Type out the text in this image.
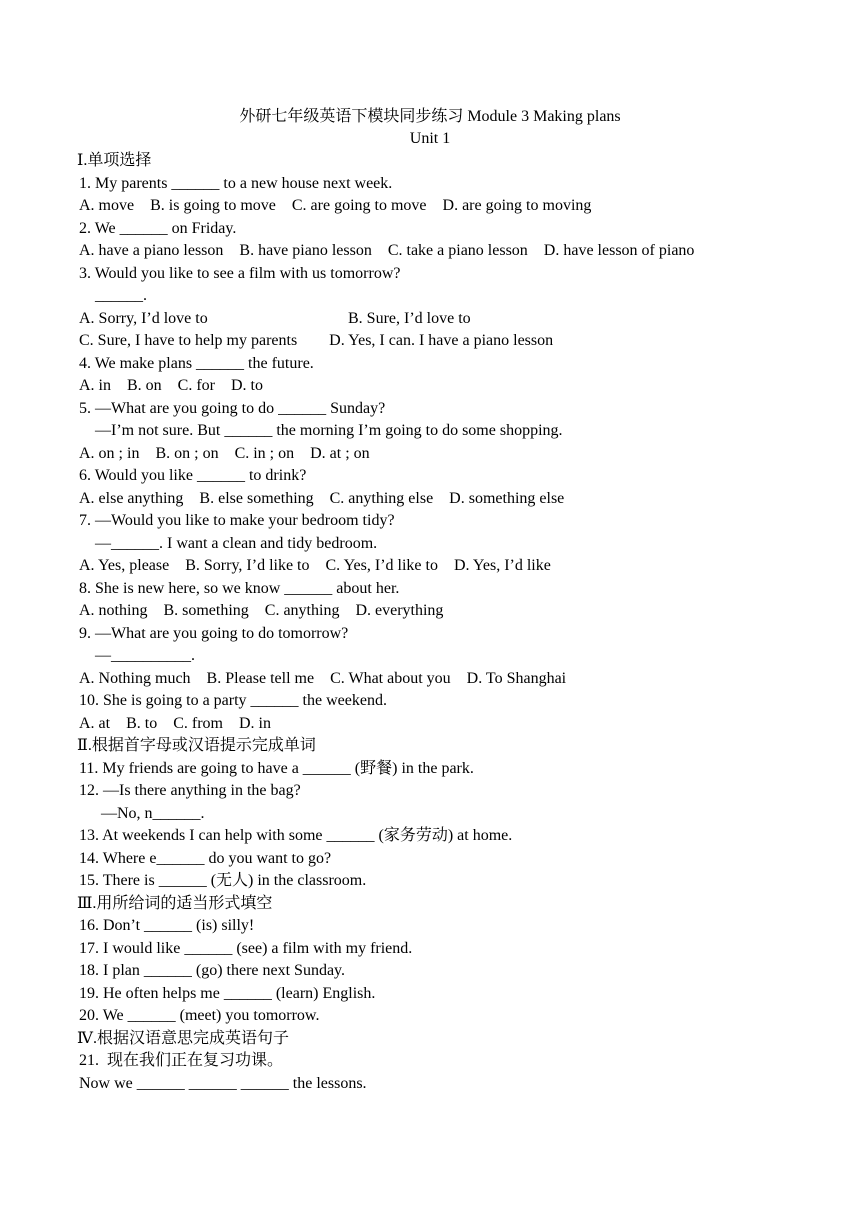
外研七年级英语下模块同步练习 Module 3 Making plans
Unit 1
Ⅰ.单项选择
1. My parents ______ to a new house next week.
A. move    B. is going to move    C. are going to move    D. are going to moving
2. We ______ on Friday.
A. have a piano lesson    B. have piano lesson    C. take a piano lesson    D. have lesson of piano
3. Would you like to see a film with us tomorrow?
______.
A. Sorry, I’d love to	B. Sure, I’d love to
C. Sure, I have to help my parents        D. Yes, I can. I have a piano lesson
4. We make plans ______ the future.
A. in    B. on    C. for    D. to
5. —What are you going to do ______ Sunday?
—I’m not sure. But ______ the morning I’m going to do some shopping.
A. on ; in    B. on ; on    C. in ; on    D. at ; on
6. Would you like ______ to drink?
A. else anything    B. else something    C. anything else    D. something else
7. —Would you like to make your bedroom tidy?
—______. I want a clean and tidy bedroom.
A. Yes, please    B. Sorry, I’d like to    C. Yes, I’d like to    D. Yes, I’d like
8. She is new here, so we know ______ about her.
A. nothing    B. something    C. anything    D. everything
9. —What are you going to do tomorrow?
—__________.
A. Nothing much    B. Please tell me    C. What about you    D. To Shanghai
10. She is going to a party ______ the weekend.
A. at    B. to    C. from    D. in
Ⅱ.根据首字母或汉语提示完成单词
11. My friends are going to have a ______ (野餐) in the park.
12. —Is there anything in the bag?
—No, n______.
13. At weekends I can help with some ______ (家务劳动) at home.
14. Where e______ do you want to go?
15. There is ______ (无人) in the classroom.
Ⅲ.用所给词的适当形式填空
16. Don’t ______ (is) silly!
17. I would like ______ (see) a film with my friend.
18. I plan ______ (go) there next Sunday.
19. He often helps me ______ (learn) English.
20. We ______ (meet) you tomorrow.
Ⅳ.根据汉语意思完成英语句子
21.  现在我们正在复习功课。
Now we ______ ______ ______ the lessons.
